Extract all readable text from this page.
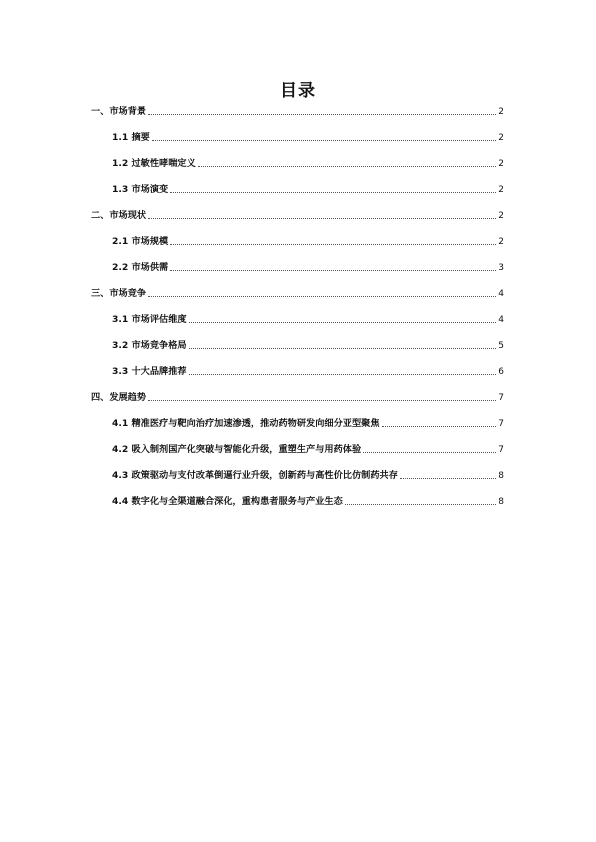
目录
一、市场背景	2
1.1 摘要	2
1.2 过敏性哮喘定义	2
1.3 市场演变	2
二、市场现状	2
2.1 市场规模	2
2.2 市场供需	3
三、市场竞争	4
3.1 市场评估维度	4
3.2 市场竞争格局	5
3.3 十大品牌推荐	6
四、发展趋势	7
4.1 精准医疗与靶向治疗加速渗透，推动药物研发向细分亚型聚焦	7
4.2 吸入制剂国产化突破与智能化升级，重塑生产与用药体验	7
4.3 政策驱动与支付改革倒逼行业升级，创新药与高性价比仿制药共存	8
4.4 数字化与全渠道融合深化，重构患者服务与产业生态	8
